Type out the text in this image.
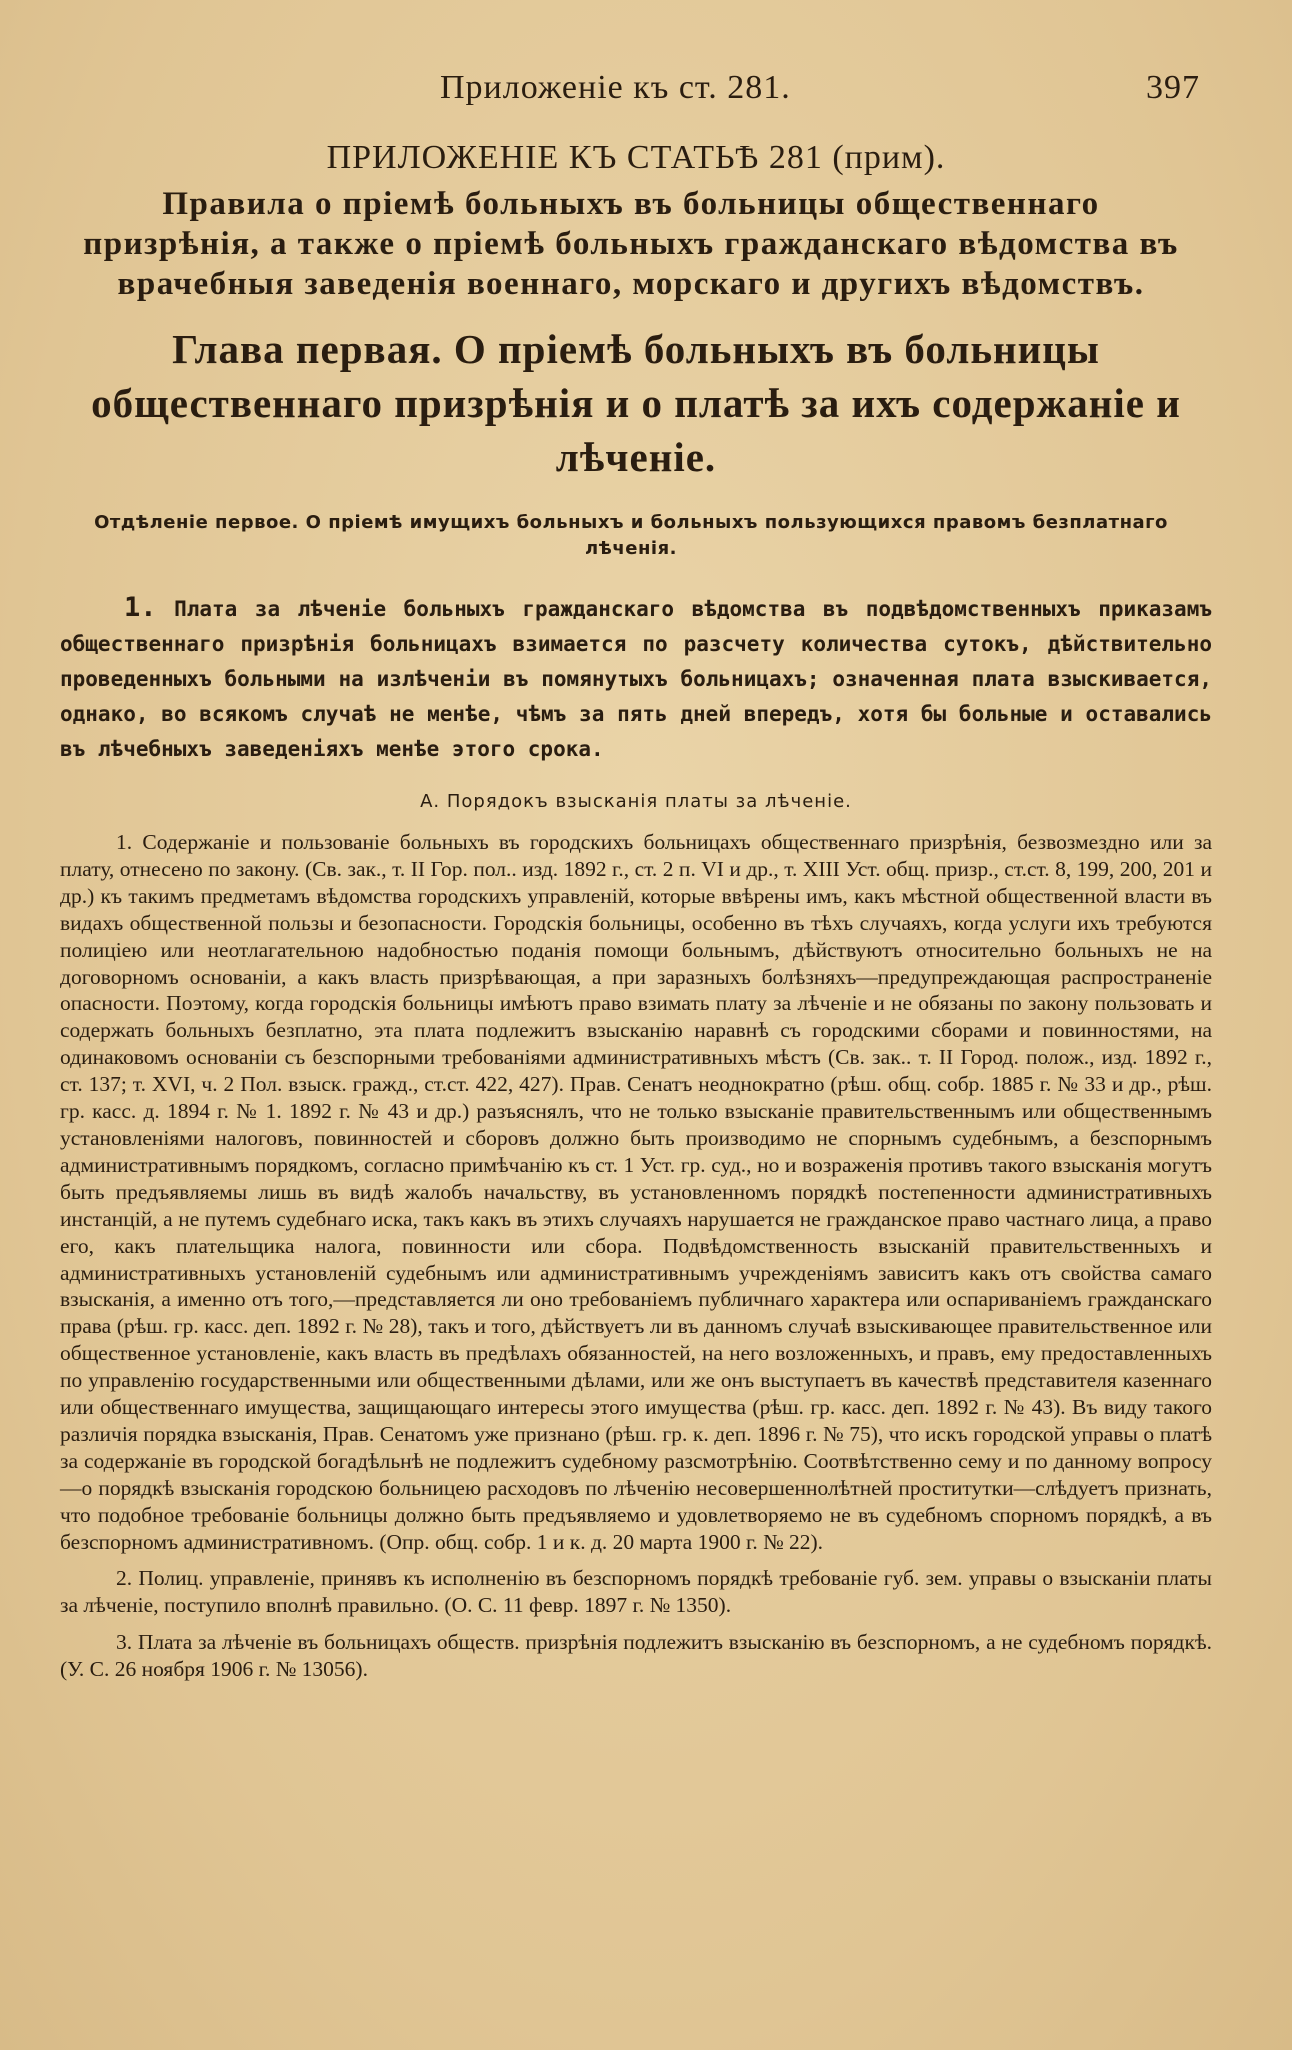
Приложеніе къ ст. 281.	397
ПРИЛОЖЕНІЕ КЪ СТАТЬѢ 281 (прим).
Правила о пріемѣ больныхъ въ больницы общественнаго призрѣнія, а также о пріемѣ больныхъ гражданскаго вѣдомства въ врачебныя заведенія военнаго, морскаго и другихъ вѣдомствъ.
Глава первая. О пріемѣ больныхъ въ больницы общественнаго призрѣнія и о платѣ за ихъ содержаніе и лѣченіе.
Отдѣленіе первое. О пріемѣ имущихъ больныхъ и больныхъ пользующихся правомъ безплатнаго лѣченія.
1. Плата за лѣченіе больныхъ гражданскаго вѣдомства въ подвѣдомственныхъ приказамъ общественнаго призрѣнія больницахъ взимается по разсчету количества сутокъ, дѣйствительно проведенныхъ больными на излѣченіи въ помянутыхъ больницахъ; означенная плата взыскивается, однако, во всякомъ случаѣ не менѣе, чѣмъ за пять дней впередъ, хотя бы больные и оставались въ лѣчебныхъ заведеніяхъ менѣе этого срока.
А. Порядокъ взысканія платы за лѣченіе.

1. Содержаніе и пользованіе больныхъ въ городскихъ больницахъ общественнаго призрѣнія, безвозмездно или за плату, отнесено по закону. (Св. зак., т. II Гор. пол.. изд. 1892 г., ст. 2 п. VI и др., т. XIII Уст. общ. призр., ст.ст. 8, 199, 200, 201 и др.) къ такимъ предметамъ вѣдомства городскихъ управленій, которые ввѣрены имъ, какъ мѣстной общественной власти въ видахъ общественной пользы и безопасности. Городскія больницы, особенно въ тѣхъ случаяхъ, когда услуги ихъ требуются полиціею или неотлагательною надобностью поданія помощи больнымъ, дѣйствуютъ относительно больныхъ не на договорномъ основаніи, а какъ власть призрѣвающая, а при заразныхъ болѣзняхъ—предупреждающая распространеніе опасности. Поэтому, когда городскія больницы имѣютъ право взимать плату за лѣченіе и не обязаны по закону пользовать и содержать больныхъ безплатно, эта плата подлежитъ взысканію наравнѣ съ городскими сборами и повинностями, на одинаковомъ основаніи съ безспорными требованіями административныхъ мѣстъ (Св. зак.. т. II Город. полож., изд. 1892 г., ст. 137; т. XVI, ч. 2 Пол. взыск. гражд., ст.ст. 422, 427). Прав. Сенатъ неоднократно (рѣш. общ. собр. 1885 г. № 33 и др., рѣш. гр. касс. д. 1894 г. № 1. 1892 г. № 43 и др.) разъяснялъ, что не только взысканіе правительственнымъ или общественнымъ установленіями налоговъ, повинностей и сборовъ должно быть производимо не спорнымъ судебнымъ, а безспорнымъ административнымъ порядкомъ, согласно примѣчанію къ ст. 1 Уст. гр. суд., но и возраженія противъ такого взысканія могутъ быть предъявляемы лишь въ видѣ жалобъ начальству, въ установленномъ порядкѣ постепенности административныхъ инстанцій, а не путемъ судебнаго иска, такъ какъ въ этихъ случаяхъ нарушается не гражданское право частнаго лица, а право его, какъ плательщика налога, повинности или сбора. Подвѣдомственность взысканій правительственныхъ и административныхъ установленій судебнымъ или административнымъ учрежденіямъ зависитъ какъ отъ свойства самаго взысканія, а именно отъ того,—представляется ли оно требованіемъ публичнаго характера или оспариваніемъ гражданскаго права (рѣш. гр. касс. деп. 1892 г. № 28), такъ и того, дѣйствуетъ ли въ данномъ случаѣ взыскивающее правительственное или общественное установленіе, какъ власть въ предѣлахъ обязанностей, на него возложенныхъ, и правъ, ему предоставленныхъ по управленію государственными или общественными дѣлами, или же онъ выступаетъ въ качествѣ представителя казеннаго или общественнаго имущества, защищающаго интересы этого имущества (рѣш. гр. касс. деп. 1892 г. № 43). Въ виду такого различія порядка взысканія, Прав. Сенатомъ уже признано (рѣш. гр. к. деп. 1896 г. № 75), что искъ городской управы о платѣ за содержаніе въ городской богадѣльнѣ не подлежитъ судебному разсмотрѣнію. Соотвѣтственно сему и по данному вопросу—о порядкѣ взысканія городскою больницею расходовъ по лѣченію несовершеннолѣтней проститутки—слѣдуетъ признать, что подобное требованіе больницы должно быть предъявляемо и удовлетворяемо не въ судебномъ спорномъ порядкѣ, а въ безспорномъ административномъ. (Опр. общ. собр. 1 и к. д. 20 марта 1900 г. № 22).

2. Полиц. управленіе, принявъ къ исполненію въ безспорномъ порядкѣ требованіе губ. зем. управы о взысканіи платы за лѣченіе, поступило вполнѣ правильно. (О. С. 11 февр. 1897 г. № 1350).

3. Плата за лѣченіе въ больницахъ обществ. призрѣнія подлежитъ взысканію въ безспорномъ, а не судебномъ порядкѣ. (У. С. 26 ноября 1906 г. № 13056).
